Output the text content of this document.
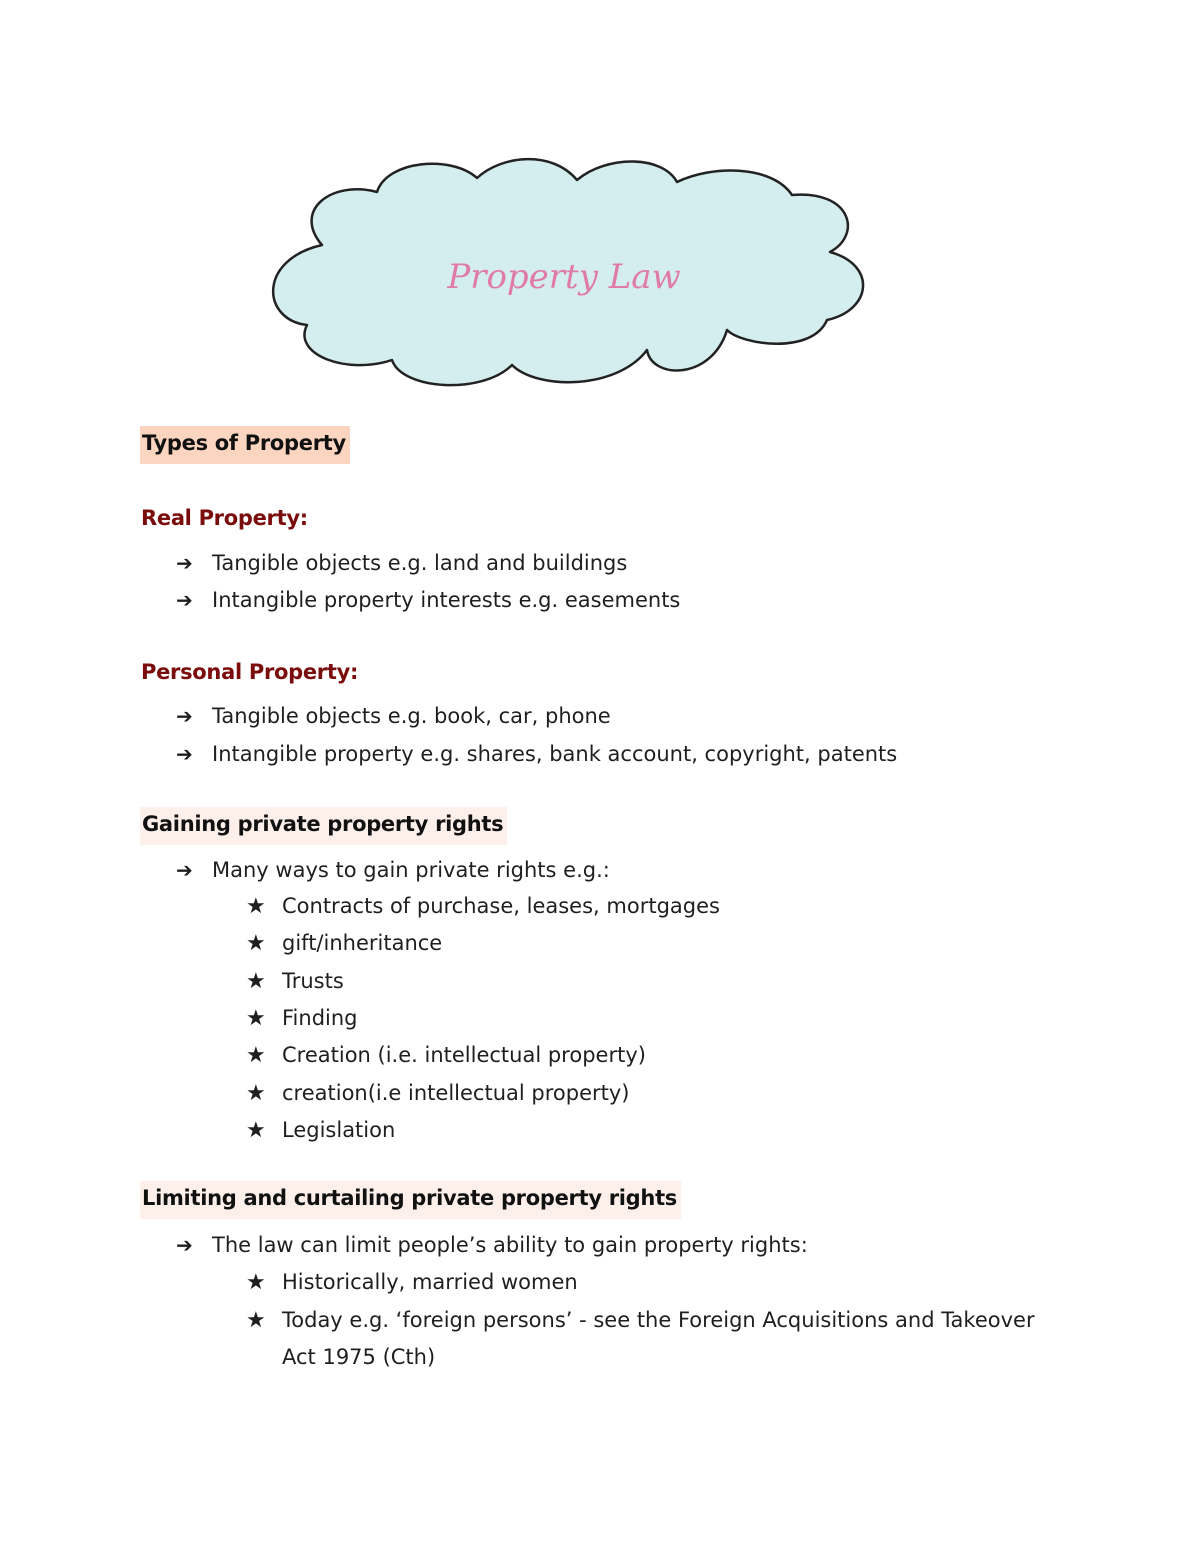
Property Law
Types of Property
Real Property:
➔ Tangible objects e.g. land and buildings
➔ Intangible property interests e.g. easements
Personal Property:
➔ Tangible objects e.g. book, car, phone
➔ Intangible property e.g. shares, bank account, copyright, patents
Gaining private property rights
➔ Many ways to gain private rights e.g.:
★ Contracts of purchase, leases, mortgages
★ gift/inheritance
★ Trusts
★ Finding
★ Creation (i.e. intellectual property)
★ creation(i.e intellectual property)
★ Legislation
Limiting and curtailing private property rights
➔ The law can limit people’s ability to gain property rights:
★ Historically, married women
★ Today e.g. ‘foreign persons’ - see the Foreign Acquisitions and Takeover
Act 1975 (Cth)
